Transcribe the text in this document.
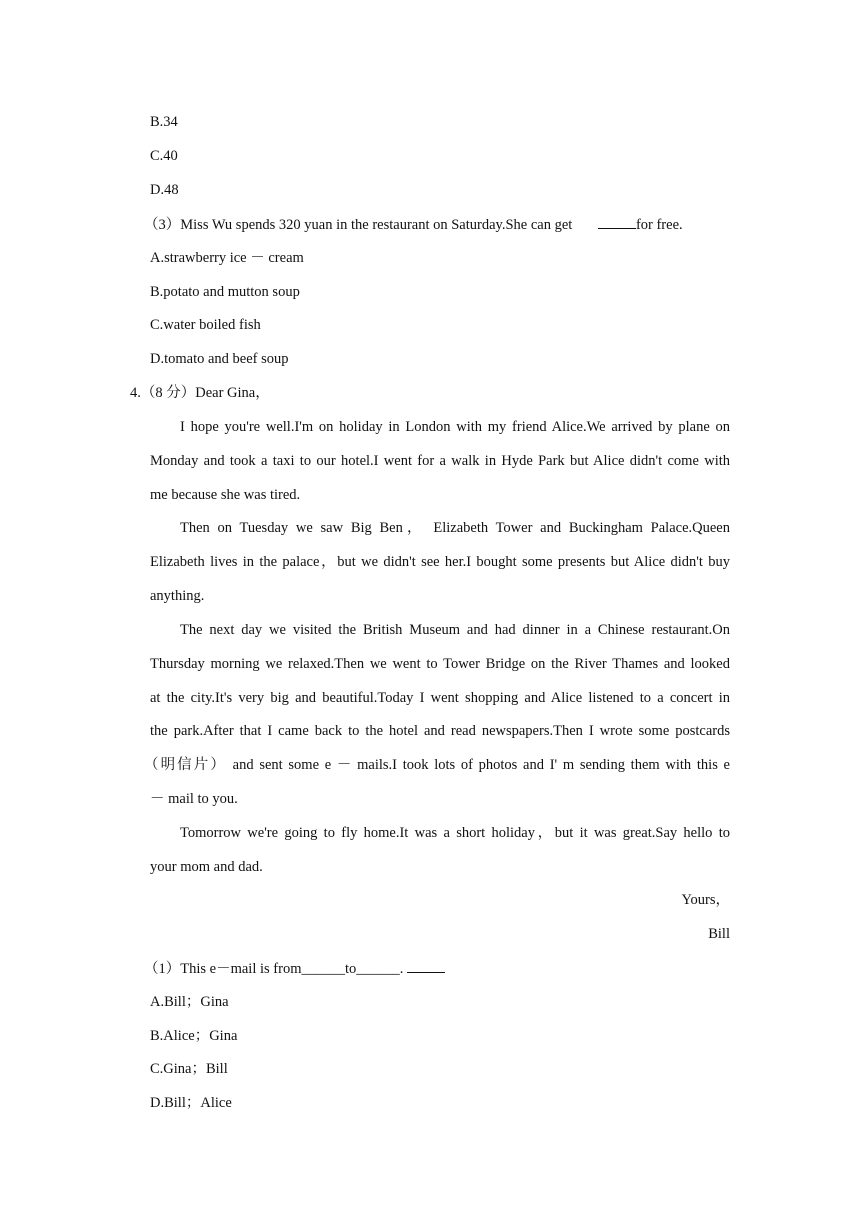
B.34
C.40
D.48
（3）Miss Wu spends 320 yuan in the restaurant on Saturday.She can get	for free.
A.strawberry ice － cream
B.potato and mutton soup
C.water boiled fish
D.tomato and beef soup
4.（8 分）Dear Gina，
I hope you're well.I'm on holiday in London with my friend Alice.We arrived by plane on
Monday and took a taxi to our hotel.I went for a walk in Hyde Park but Alice didn't come with
me because she was tired.
Then on Tuesday we saw Big Ben， Elizabeth Tower and Buckingham Palace.Queen
Elizabeth lives in the palace，but we didn't see her.I bought some presents but Alice didn't buy
anything.
The next day we visited the British Museum and had dinner in a Chinese restaurant.On
Thursday morning we relaxed.Then we went to Tower Bridge on the River Thames and looked
at the city.It's very big and beautiful.Today I went shopping and Alice listened to a concert in
the park.After that I came back to the hotel and read newspapers.Then I wrote some postcards
（明信片） and sent some e － mails.I took lots of photos and I' m sending them with this e
－ mail to you.
Tomorrow we're going to fly home.It was a short holiday，but it was great.Say hello to
your mom and dad.
Yours，
Bill
（1）This e－mail is from______to______.
A.Bill；Gina
B.Alice；Gina
C.Gina；Bill
D.Bill；Alice
